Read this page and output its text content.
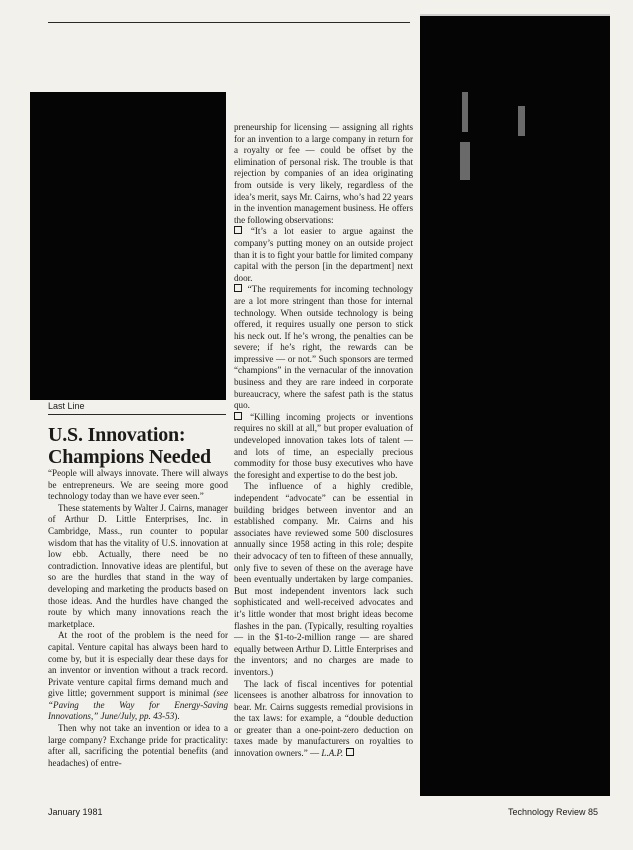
Last Line
U.S. Innovation: Champions Needed

“People will always innovate. There will always be entrepreneurs. We are seeing more good technology today than we have ever seen.”

These statements by Walter J. Cairns, manager of Arthur D. Little Enterprises, Inc. in Cambridge, Mass., run counter to popular wisdom that has the vitality of U.S. innovation at low ebb. Actually, there need be no contradiction. Innovative ideas are plentiful, but so are the hurdles that stand in the way of developing and marketing the products based on those ideas. And the hurdles have changed the route by which many innovations reach the marketplace.

At the root of the problem is the need for capital. Venture capital has always been hard to come by, but it is especially dear these days for an inventor or invention without a track record. Private venture capital firms demand much and give little; government support is minimal (see “Paving the Way for Energy-Saving Innovations,” June/July, pp. 43-53).

Then why not take an invention or idea to a large company? Exchange pride for practicality: after all, sacrificing the potential benefits (and headaches) of entre-

preneurship for licensing — assigning all rights for an invention to a large company in return for a royalty or fee — could be offset by the elimination of personal risk. The trouble is that rejection by companies of an idea originating from outside is very likely, regardless of the idea’s merit, says Mr. Cairns, who’s had 22 years in the invention management business. He offers the following observations:

“It’s a lot easier to argue against the company’s putting money on an outside project than it is to fight your battle for limited company capital with the person [in the department] next door.

“The requirements for incoming technology are a lot more stringent than those for internal technology. When outside technology is being offered, it requires usually one person to stick his neck out. If he’s wrong, the penalties can be severe; if he’s right, the rewards can be impressive — or not.” Such sponsors are termed “champions” in the vernacular of the innovation business and they are rare indeed in corporate bureaucracy, where the safest path is the status quo.

“Killing incoming projects or inventions requires no skill at all,” but proper evaluation of undeveloped innovation takes lots of talent — and lots of time, an especially precious commodity for those busy executives who have the foresight and expertise to do the best job.

The influence of a highly credible, independent “advocate” can be essential in building bridges between inventor and an established company. Mr. Cairns and his associates have reviewed some 500 disclosures annually since 1958 acting in this role; despite their advocacy of ten to fifteen of these annually, only five to seven of these on the average have been eventually undertaken by large companies. But most independent inventors lack such sophisticated and well-received advocates and it’s little wonder that most bright ideas become flashes in the pan. (Typically, resulting royalties — in the $1-to-2-million range — are shared equally between Arthur D. Little Enterprises and the inventors; and no charges are made to inventors.)

The lack of fiscal incentives for potential licensees is another albatross for innovation to bear. Mr. Cairns suggests remedial provisions in the tax laws: for example, a “double deduction or greater than a one-point-zero deduction on taxes made by manufacturers on royalties to innovation owners.” — L.A.P.

January 1981	Technology Review 85
